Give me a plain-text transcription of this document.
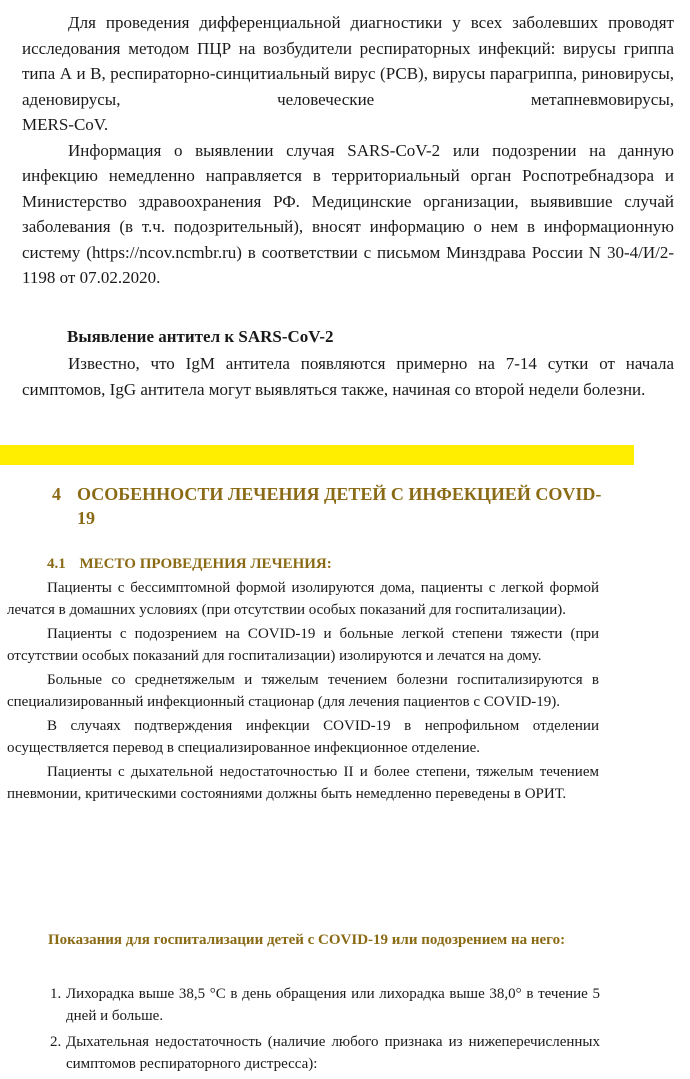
Для проведения дифференциальной диагностики у всех заболевших проводят исследования методом ПЦР на возбудители респираторных инфекций: вирусы гриппа типа А и В, респираторно-синцитиальный вирус (РСВ), вирусы парагриппа, риновирусы, аденовирусы, человеческие метапневмовирусы,

MERS-CoV.

Информация о выявлении случая SARS-CoV-2 или подозрении на данную инфекцию немедленно направляется в территориальный орган Роспотребнадзора и Министерство здравоохранения РФ. Медицинские организации, выявившие случай заболевания (в т.ч. подозрительный), вносят информацию о нем в информационную систему (https://ncov.ncmbr.ru) в соответствии с письмом Минздрава России N 30-4/И/2-1198 от 07.02.2020.

Выявление антител к SARS-CoV-2

Известно, что IgM антитела появляются примерно на 7-14 сутки от начала симптомов, IgG антитела могут выявляться также, начиная со второй недели болезни.

4 ОСОБЕННОСТИ ЛЕЧЕНИЯ ДЕТЕЙ С ИНФЕКЦИЕЙ COVID-19
4.1 МЕСТО ПРОВЕДЕНИЯ ЛЕЧЕНИЯ:

Пациенты с бессимптомной формой изолируются дома, пациенты с легкой формой лечатся в домашних условиях (при отсутствии особых показаний для госпитализации).

Пациенты с подозрением на COVID-19 и больные легкой степени тяжести (при отсутствии особых показаний для госпитализации) изолируются и лечатся на дому.

Больные со среднетяжелым и тяжелым течением болезни госпитализируются в специализированный инфекционный стационар (для лечения пациентов с COVID-19).

В случаях подтверждения инфекции COVID-19 в непрофильном отделении осуществляется перевод в специализированное инфекционное отделение.

Пациенты с дыхательной недостаточностью II и более степени, тяжелым течением пневмонии, критическими состояниями должны быть немедленно переведены в ОРИТ.

Показания для госпитализации детей с COVID-19 или подозрением на него:
1. Лихорадка выше 38,5 °С в день обращения или лихорадка выше 38,0° в течение 5 дней и больше.
2. Дыхательная недостаточность (наличие любого признака из нижеперечисленных симптомов респираторного дистресса):
